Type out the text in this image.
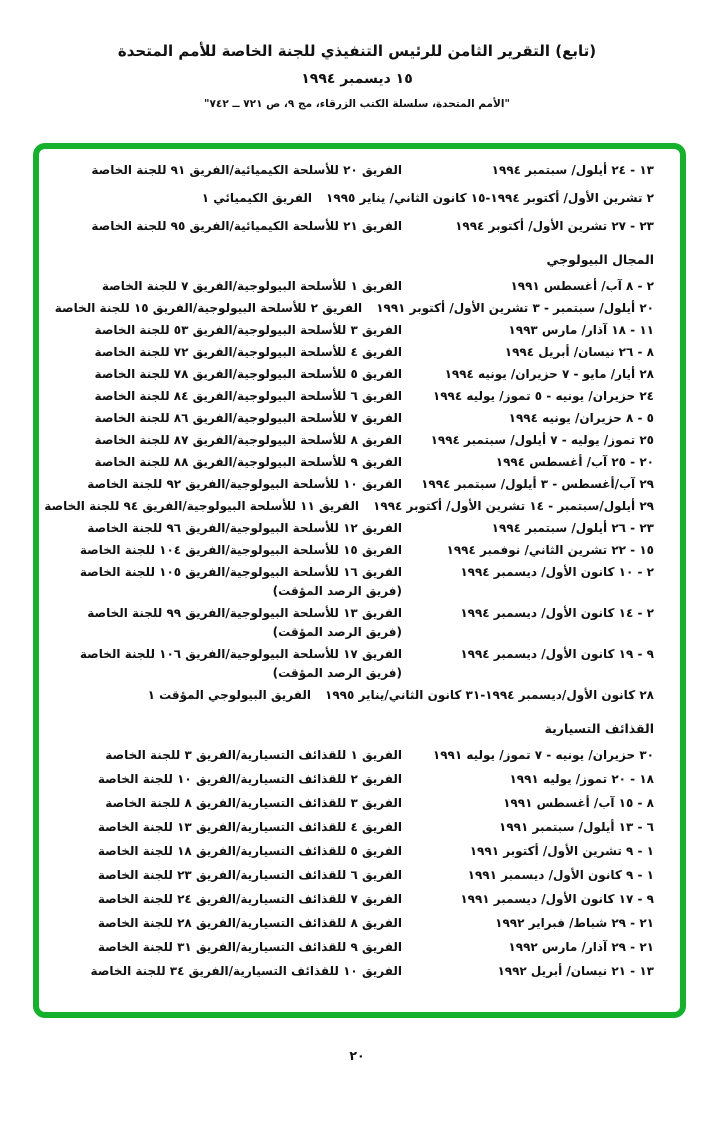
(تابع) التقرير الثامن للرئيس التنفيذي للجنة الخاصة للأمم المتحدة
١٥ ديسمبر ١٩٩٤
"الأمم المتحدة، سلسلة الكتب الزرقاء، مج ٩، ص ٧٢١ ــ ٧٤٢"
١٣ - ٢٤ أيلول/ سبتمبر ١٩٩٤
الفريق ٢٠ للأسلحة الكيميائية/الفريق ٩١ للجنة الخاصة
٢ تشرين الأول/ أكتوبر ١٩٩٤-١٥ كانون الثاني/ يناير ١٩٩٥
الفريق الكيميائي ١
٢٣ - ٢٧ تشرين الأول/ أكتوبر ١٩٩٤
الفريق ٢١ للأسلحة الكيميائية/الفريق ٩٥ للجنة الخاصة
المجال البيولوجي
٢ - ٨ آب/ أغسطس ١٩٩١
الفريق ١ للأسلحة البيولوجية/الفريق ٧ للجنة الخاصة
٢٠ أيلول/ سبتمبر - ٣ تشرين الأول/ أكتوبر ١٩٩١
الفريق ٢ للأسلحة البيولوجية/الفريق ١٥ للجنة الخاصة
١١ - ١٨ آذار/ مارس ١٩٩٣
الفريق ٣ للأسلحة البيولوجية/الفريق ٥٣ للجنة الخاصة
٨ - ٢٦ نيسان/ أبريل ١٩٩٤
الفريق ٤ للأسلحة البيولوجية/الفريق ٧٢ للجنة الخاصة
٢٨ أيار/ مايو - ٧ حزيران/ يونيه ١٩٩٤
الفريق ٥ للأسلحة البيولوجية/الفريق ٧٨ للجنة الخاصة
٢٤ حزيران/ يونيه - ٥ تموز/ يوليه ١٩٩٤
الفريق ٦ للأسلحة البيولوجية/الفريق ٨٤ للجنة الخاصة
٥ - ٨ حزيران/ يونيه ١٩٩٤
الفريق ٧ للأسلحة البيولوجية/الفريق ٨٦ للجنة الخاصة
٢٥ تموز/ يوليه - ٧ أيلول/ سبتمبر ١٩٩٤
الفريق ٨ للأسلحة البيولوجية/الفريق ٨٧ للجنة الخاصة
٢٠ - ٢٥ آب/ أغسطس ١٩٩٤
الفريق ٩ للأسلحة البيولوجية/الفريق ٨٨ للجنة الخاصة
٢٩ آب/أغسطس - ٣ أيلول/ سبتمبر ١٩٩٤
الفريق ١٠ للأسلحة البيولوجية/الفريق ٩٢ للجنة الخاصة
٢٩ أيلول/سبتمبر - ١٤ تشرين الأول/ أكتوبر ١٩٩٤
الفريق ١١ للأسلحة البيولوجية/الفريق ٩٤ للجنة الخاصة
٢٣ - ٢٦ أيلول/ سبتمبر ١٩٩٤
الفريق ١٢ للأسلحة البيولوجية/الفريق ٩٦ للجنة الخاصة
١٥ - ٢٢ تشرين الثاني/ نوفمبر ١٩٩٤
الفريق ١٥ للأسلحة البيولوجية/الفريق ١٠٤ للجنة الخاصة
٢ - ١٠ كانون الأول/ ديسمبر ١٩٩٤
الفريق ١٦ للأسلحة البيولوجية/الفريق ١٠٥ للجنة الخاصة
(فريق الرصد المؤقت)
٢ - ١٤ كانون الأول/ ديسمبر ١٩٩٤
الفريق ١٣ للأسلحة البيولوجية/الفريق ٩٩ للجنة الخاصة
(فريق الرصد المؤقت)
٩ - ١٩ كانون الأول/ ديسمبر ١٩٩٤
الفريق ١٧ للأسلحة البيولوجية/الفريق ١٠٦ للجنة الخاصة
(فريق الرصد المؤقت)
٢٨ كانون الأول/ديسمبر ١٩٩٤-٣١ كانون الثاني/يناير ١٩٩٥
الفريق البيولوجي المؤقت ١
القذائف التسيارية
٣٠ حزيران/ يونيه - ٧ تموز/ يوليه ١٩٩١
الفريق ١ للقذائف التسيارية/الفريق ٣ للجنة الخاصة
١٨ - ٢٠ تموز/ يوليه ١٩٩١
الفريق ٢ للقذائف التسيارية/الفريق ١٠ للجنة الخاصة
٨ - ١٥ آب/ أغسطس ١٩٩١
الفريق ٣ للقذائف التسيارية/الفريق ٨ للجنة الخاصة
٦ - ١٣ أيلول/ سبتمبر ١٩٩١
الفريق ٤ للقذائف التسيارية/الفريق ١٣ للجنة الخاصة
١ - ٩ تشرين الأول/ أكتوبر ١٩٩١
الفريق ٥ للقذائف التسيارية/الفريق ١٨ للجنة الخاصة
١ - ٩ كانون الأول/ ديسمبر ١٩٩١
الفريق ٦ للقذائف التسيارية/الفريق ٢٣ للجنة الخاصة
٩ - ١٧ كانون الأول/ ديسمبر ١٩٩١
الفريق ٧ للقذائف التسيارية/الفريق ٢٤ للجنة الخاصة
٢١ - ٢٩ شباط/ فبراير ١٩٩٢
الفريق ٨ للقذائف التسيارية/الفريق ٢٨ للجنة الخاصة
٢١ - ٢٩ آذار/ مارس ١٩٩٢
الفريق ٩ للقذائف التسيارية/الفريق ٣١ للجنة الخاصة
١٣ - ٢١ نيسان/ أبريل ١٩٩٢
الفريق ١٠ للقذائف التسيارية/الفريق ٣٤ للجنة الخاصة
٢٠
